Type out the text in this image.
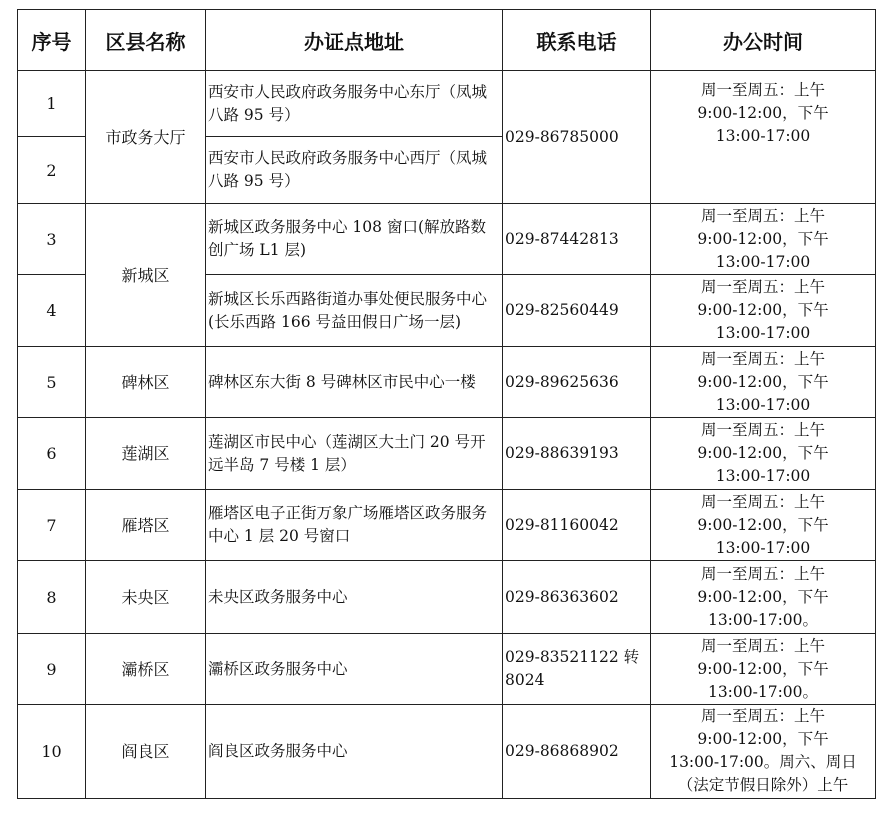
序号	区县名称	办证点地址	联系电话	办公时间
1	市政务大厅	西安市人民政府政务服务中心东厅（凤城八路 95 号）	029-86785000	周一至周五：上午
9:00-12:00，下午
13:00-17:00

2		西安市人民政府政务服务中心西厅（凤城八路 95 号）		
3	新城区	新城区政务服务中心 108 窗口(解放路数创广场 L1 层)	029-87442813	周一至周五：上午
9:00-12:00，下午
13:00-17:00

4		新城区长乐西路街道办事处便民服务中心(长乐西路 166 号益田假日广场一层)	029-82560449	周一至周五：上午
9:00-12:00，下午
13:00-17:00

5	碑林区	碑林区东大街 8 号碑林区市民中心一楼	029-89625636	周一至周五：上午
9:00-12:00，下午
13:00-17:00

6	莲湖区	莲湖区市民中心（莲湖区大土门 20 号开远半岛 7 号楼 1 层）	029-88639193	周一至周五：上午
9:00-12:00，下午
13:00-17:00

7	雁塔区	雁塔区电子正街万象广场雁塔区政务服务中心 1 层 20 号窗口	029-81160042	周一至周五：上午
9:00-12:00，下午
13:00-17:00

8	未央区	未央区政务服务中心	029-86363602	周一至周五：上午
9:00-12:00，下午
13:00-17:00。

9	灞桥区	灞桥区政务服务中心	029-83521122 转8024	周一至周五：上午
9:00-12:00，下午
13:00-17:00。

10	阎良区	阎良区政务服务中心	029-86868902	周一至周五：上午
9:00-12:00，下午
13:00-17:00。周六、周日
（法定节假日除外）上午
